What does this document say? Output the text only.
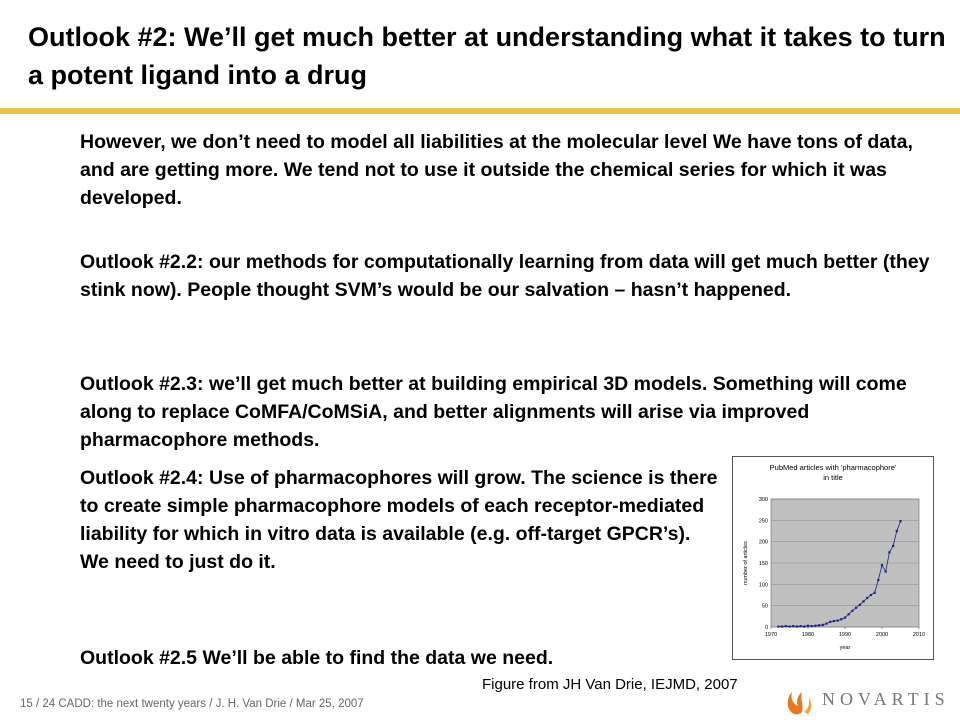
Outlook #2: We’ll get much better at understanding what it takes to turn a potent ligand into a drug

However, we don’t need to model all liabilities at the molecular level We have tons of data, and are getting more. We tend not to use it outside the chemical series for which it was developed.

Outlook #2.2: our methods for computationally learning from data will get much better (they stink now). People thought SVM’s would be our salvation – hasn’t happened.

Outlook #2.3: we’ll get much better at building empirical 3D models. Something will come along to replace CoMFA/CoMSiA, and better alignments will arise via improved pharmacophore methods.

Outlook #2.4: Use of pharmacophores will grow. The science is there to create simple pharmacophore models of each receptor-mediated liability for which in vitro data is available (e.g. off-target GPCR’s). We need to just do it.

Outlook #2.5 We’ll be able to find the data we need.

PubMed articles with 'pharmacophore'
in title
0
50
100
150
200
250
300
1970	1980	1990	2000	2010
year
number of articles
Figure from JH Van Drie, IEJMD, 2007
15 / 24 CADD: the next twenty years / J. H. Van Drie / Mar 25, 2007	NOVARTIS
